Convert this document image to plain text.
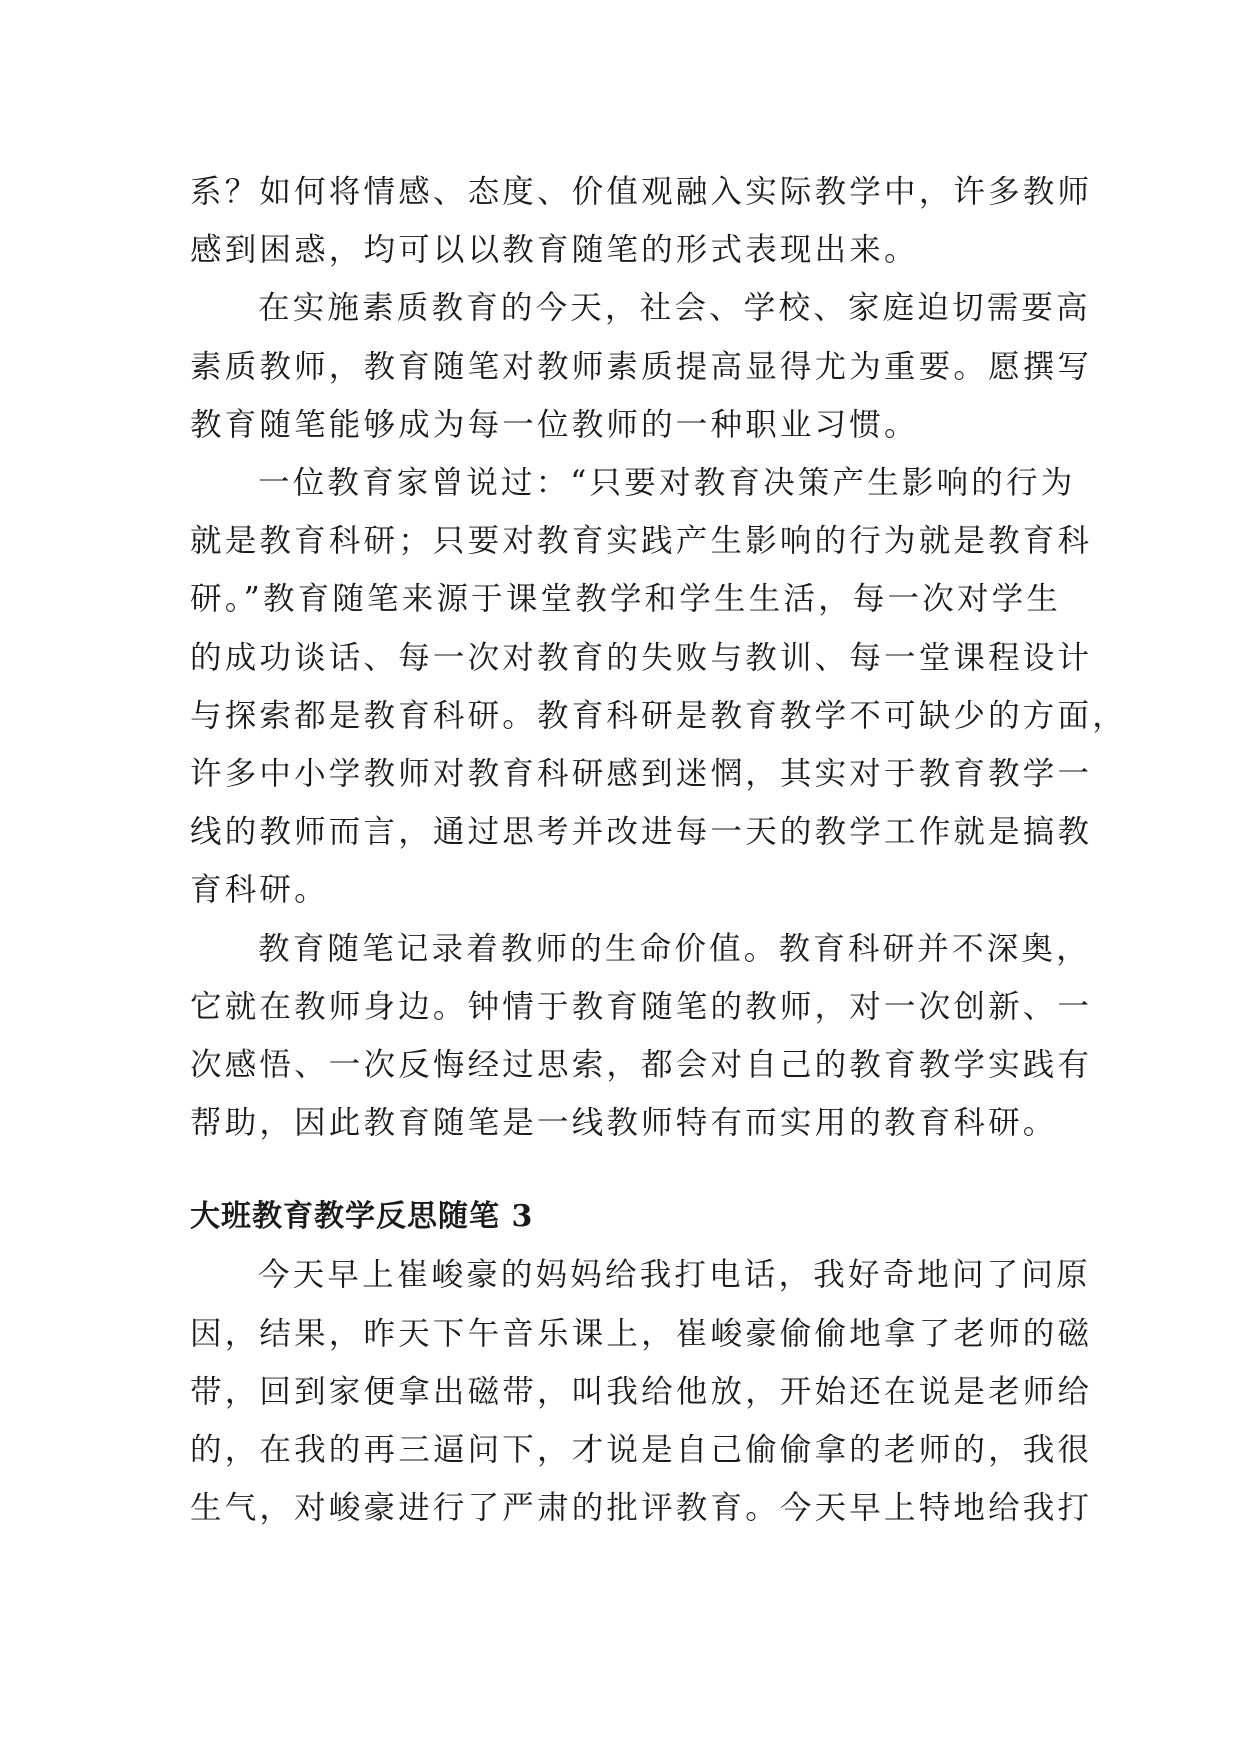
系？如何将情感、态度、价值观融入实际教学中，许多教师
感到困惑，均可以以教育随笔的形式表现出来。

在实施素质教育的今天，社会、学校、家庭迫切需要高
素质教师，教育随笔对教师素质提高显得尤为重要。愿撰写
教育随笔能够成为每一位教师的一种职业习惯。

一位教育家曾说过：“只要对教育决策产生影响的行为
就是教育科研；只要对教育实践产生影响的行为就是教育科
研。”教育随笔来源于课堂教学和学生生活，每一次对学生
的成功谈话、每一次对教育的失败与教训、每一堂课程设计
与探索都是教育科研。教育科研是教育教学不可缺少的方面，
许多中小学教师对教育科研感到迷惘，其实对于教育教学一
线的教师而言，通过思考并改进每一天的教学工作就是搞教
育科研。

教育随笔记录着教师的生命价值。教育科研并不深奥，
它就在教师身边。钟情于教育随笔的教师，对一次创新、一
次感悟、一次反悔经过思索，都会对自己的教育教学实践有
帮助，因此教育随笔是一线教师特有而实用的教育科研。

大班教育教学反思随笔 3

今天早上崔峻豪的妈妈给我打电话，我好奇地问了问原
因，结果，昨天下午音乐课上，崔峻豪偷偷地拿了老师的磁
带，回到家便拿出磁带，叫我给他放，开始还在说是老师给
的，在我的再三逼问下，才说是自己偷偷拿的老师的，我很
生气，对峻豪进行了严肃的批评教育。今天早上特地给我打
